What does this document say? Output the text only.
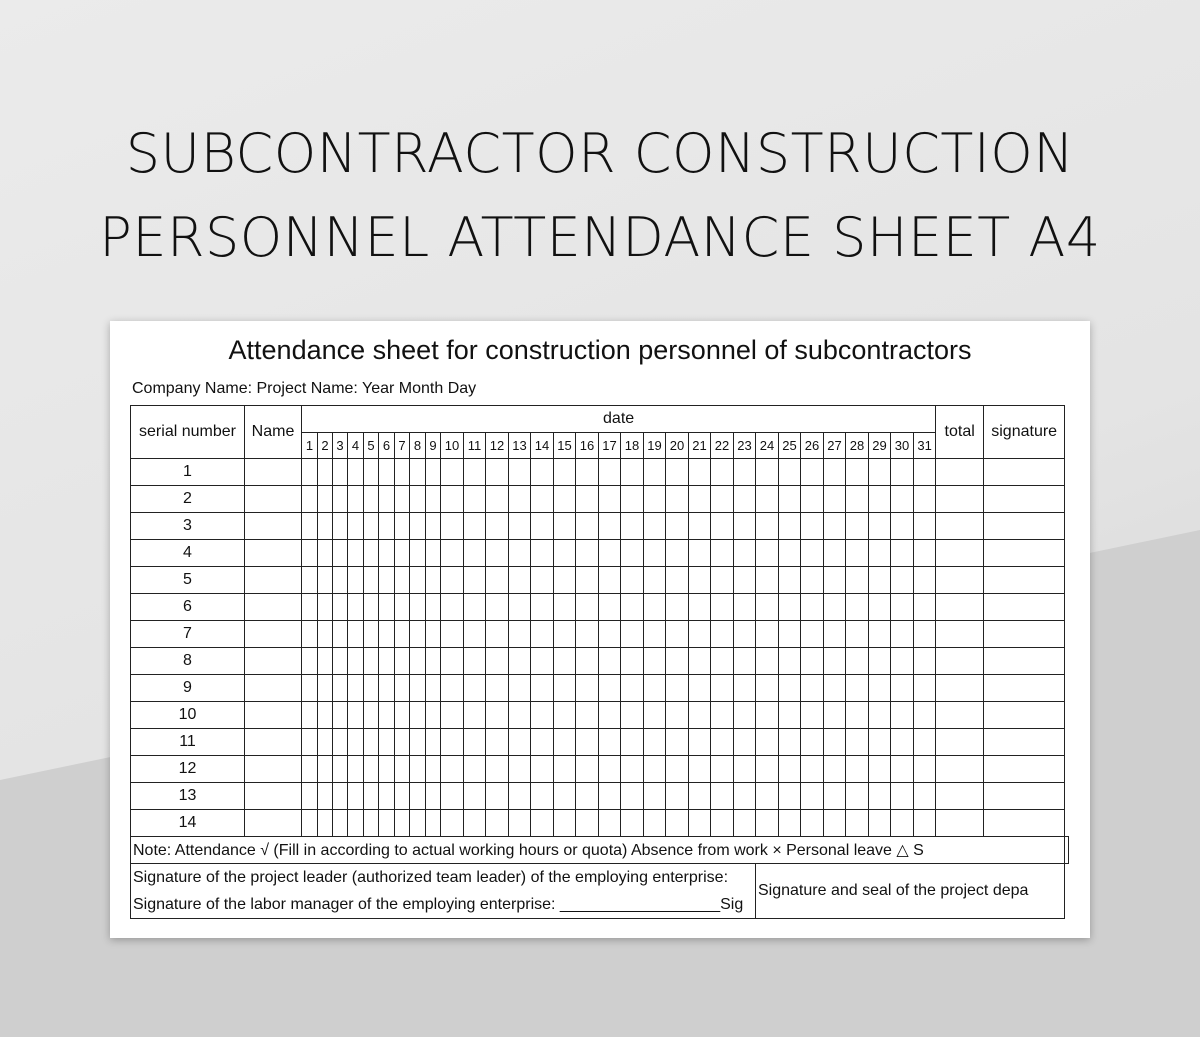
SUBCONTRACTOR CONSTRUCTION
PERSONNEL ATTENDANCE SHEET A4
Attendance sheet for construction personnel of subcontractors
Company Name: Project Name: Year Month Day
serial number	Name	date																															total	signature	
		1	2	3	4	5	6	7	8	9	10	11	12	13	14	15	16	17	18	19	20	21	22	23	24	25	26	27	28	29	30	31			
1																																			
2																																			
3																																			
4																																			
5																																			
6																																			
7																																			
8																																			
9																																			
10																																			
11																																			
12																																			
13																																			
14																																			
Note: Attendance √ (Fill in according to actual working hours or quota) Absence from work × Personal leave △ S																																			

Signature of the project leader (authorized team leader) of the employing enterprise:
Signature of the labor manager of the employing enterprise: __________________Sig																									Signature and seal of the project depa										
